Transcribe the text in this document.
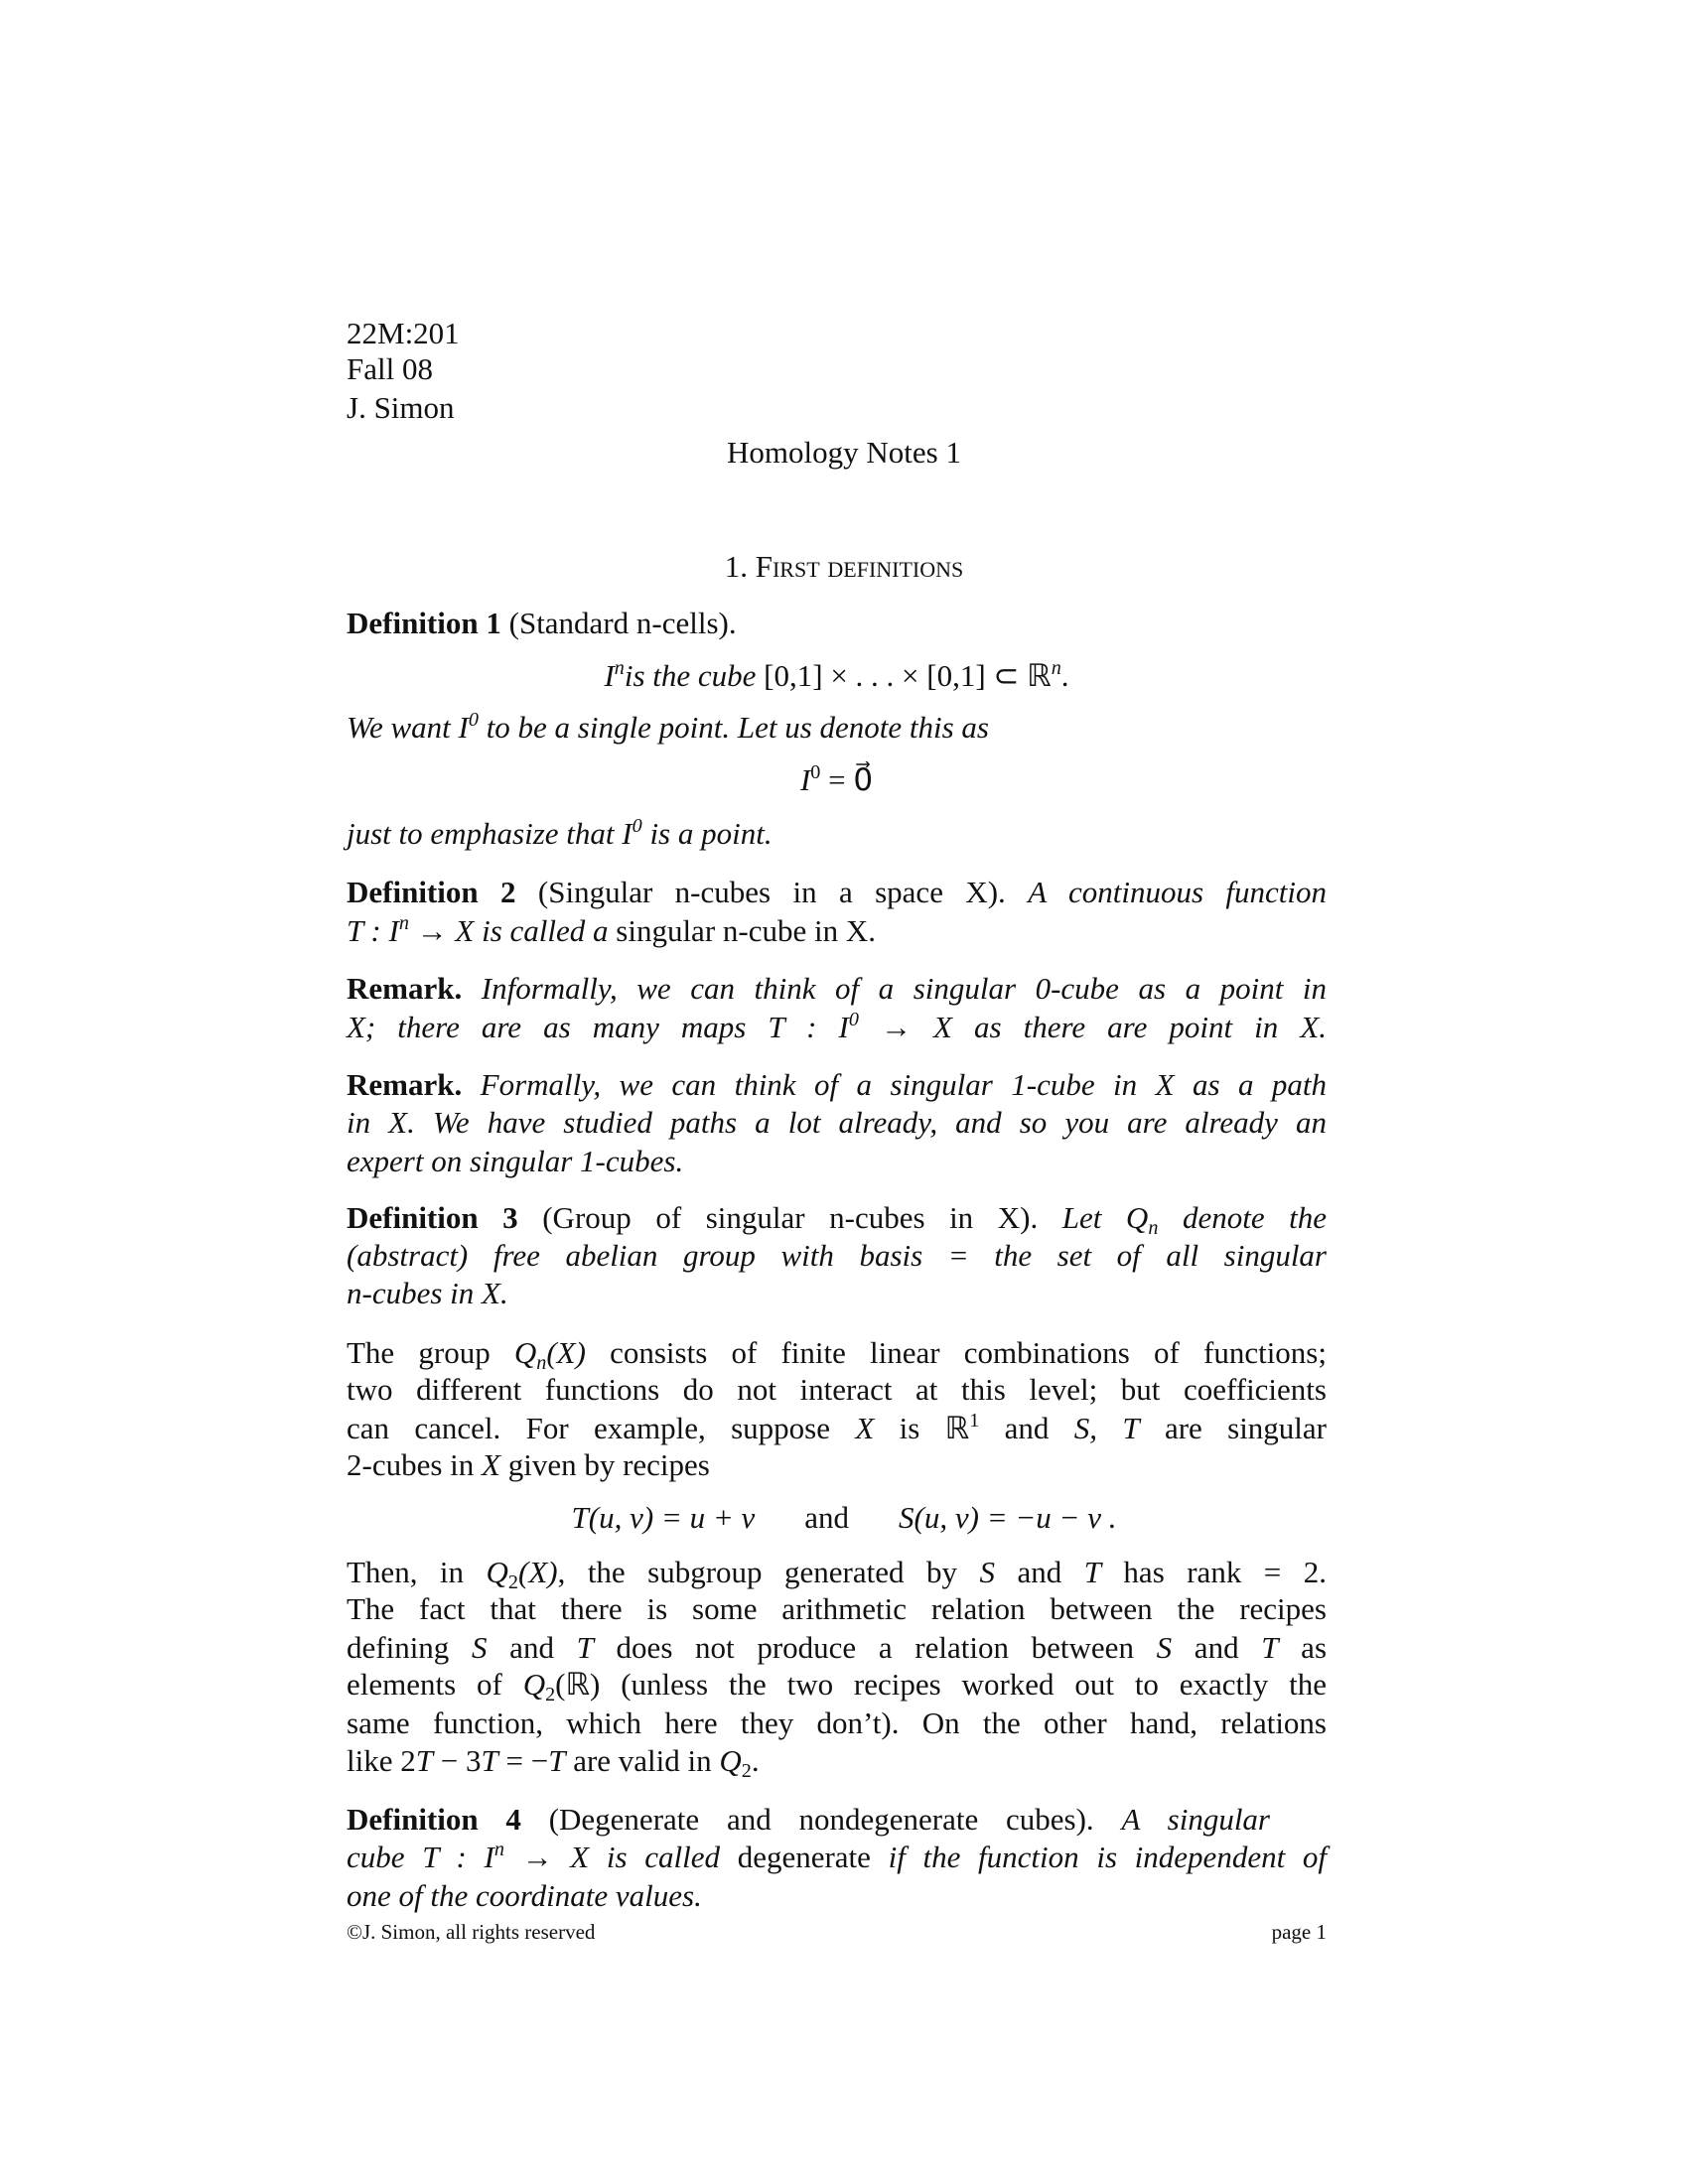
22M:201
Fall 08
J. Simon
Homology Notes 1
1. First definitions
Definition 1 (Standard n-cells).
$I^nis$ the cube [0,1] × . . . × [0,1] ⊂ ℝ$^n$.
We want $I^0$ to be a single point. Let us denote this as
$I^0$ = 0⃗
just to emphasize that $I^0$ is a point.
Definition 2 (Singular n-cubes in a space X). A continuous function
T : $I^n \to X$ is called a singular n-cube in X.
Remark. Informally, we can think of a singular 0-cube as a point in
X; there are as many maps T : $I^0 \to X$ as there are point in X.
Remark. Formally, we can think of a singular 1-cube in X as a path
in X. We have studied paths a lot already, and so you are already an
expert on singular 1-cubes.
Definition 3 (Group of singular n-cubes in X). Let $Q_n$ denote the
(abstract) free abelian group with basis = the set of all singular
n-cubes in X.
The group $Q_n(X)$ consists of finite linear combinations of functions;
two different functions do not interact at this level; but coefficients
can cancel. For example, suppose X is ℝ$^1$ and S, T are singular
2-cubes in X given by recipes
T(u, v) = u + v and S(u, v) = −u − v .
Then, in $Q_2(X)$, the subgroup generated by S and T has rank = 2.
The fact that there is some arithmetic relation between the recipes
defining S and T does not produce a relation between S and T as
elements of $Q_2(ℝ)$ (unless the two recipes worked out to exactly the
same function, which here they don’t). On the other hand, relations
like 2T − 3T = −T are valid in $Q_2$.
Definition 4 (Degenerate and nondegenerate cubes). A singular
cube T : $I^n \to X$ is called degenerate if the function is independent of
one of the coordinate values.
©J. Simon, all rights reserved	page 1
